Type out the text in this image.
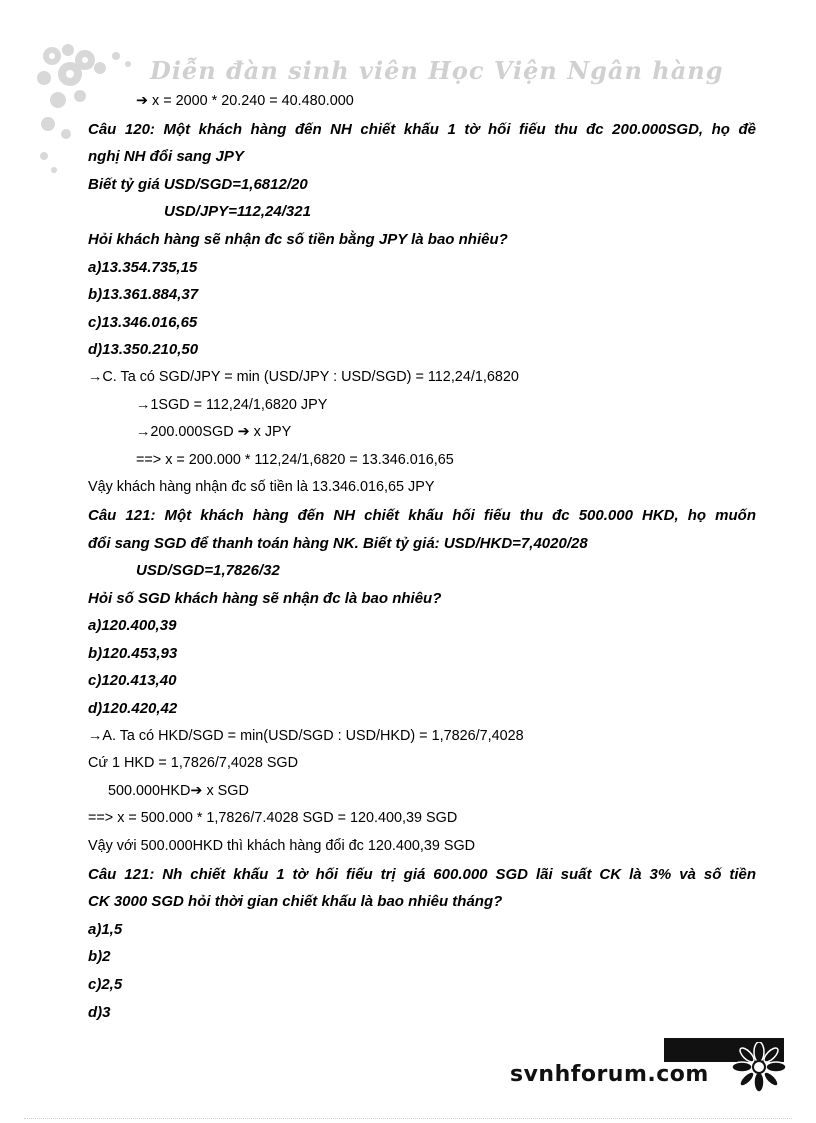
Diễn đàn sinh viên Học Viện Ngân hàng
➔ x = 2000 * 20.240 = 40.480.000
Câu 120: Một khách hàng đến NH chiết khấu 1 tờ hối fiếu thu đc 200.000SGD, họ đề
nghị NH đổi sang JPY
Biết tỷ giá USD/SGD=1,6812/20
USD/JPY=112,24/321
Hỏi khách hàng sẽ nhận đc số tiền bằng JPY là bao nhiêu?
a)13.354.735,15
b)13.361.884,37
c)13.346.016,65
d)13.350.210,50
→C. Ta có SGD/JPY = min (USD/JPY : USD/SGD) = 112,24/1,6820
→1SGD = 112,24/1,6820 JPY
→200.000SGD ➔ x JPY
==> x = 200.000 * 112,24/1,6820 = 13.346.016,65
Vậy khách hàng nhận đc số tiền là 13.346.016,65 JPY
Câu 121: Một khách hàng đến NH chiết khấu hối fiếu thu đc 500.000 HKD, họ muốn
đổi sang SGD để thanh toán hàng NK. Biết tỷ giá: USD/HKD=7,4020/28
USD/SGD=1,7826/32
Hỏi số SGD khách hàng sẽ nhận đc là bao nhiêu?
a)120.400,39
b)120.453,93
c)120.413,40
d)120.420,42
→A. Ta có HKD/SGD = min(USD/SGD : USD/HKD) = 1,7826/7,4028
Cứ 1 HKD = 1,7826/7,4028 SGD
500.000HKD➔ x SGD
==> x = 500.000 * 1,7826/7.4028 SGD = 120.400,39 SGD
Vậy với 500.000HKD thì khách hàng đổi đc 120.400,39 SGD
Câu 121: Nh chiết khấu 1 tờ hối fiếu trị giá 600.000 SGD lãi suất CK là 3% và số tiền
CK 3000 SGD hỏi thời gian chiết khấu là bao nhiêu tháng?
a)1,5
b)2
c)2,5
d)3
svnhforum.com
